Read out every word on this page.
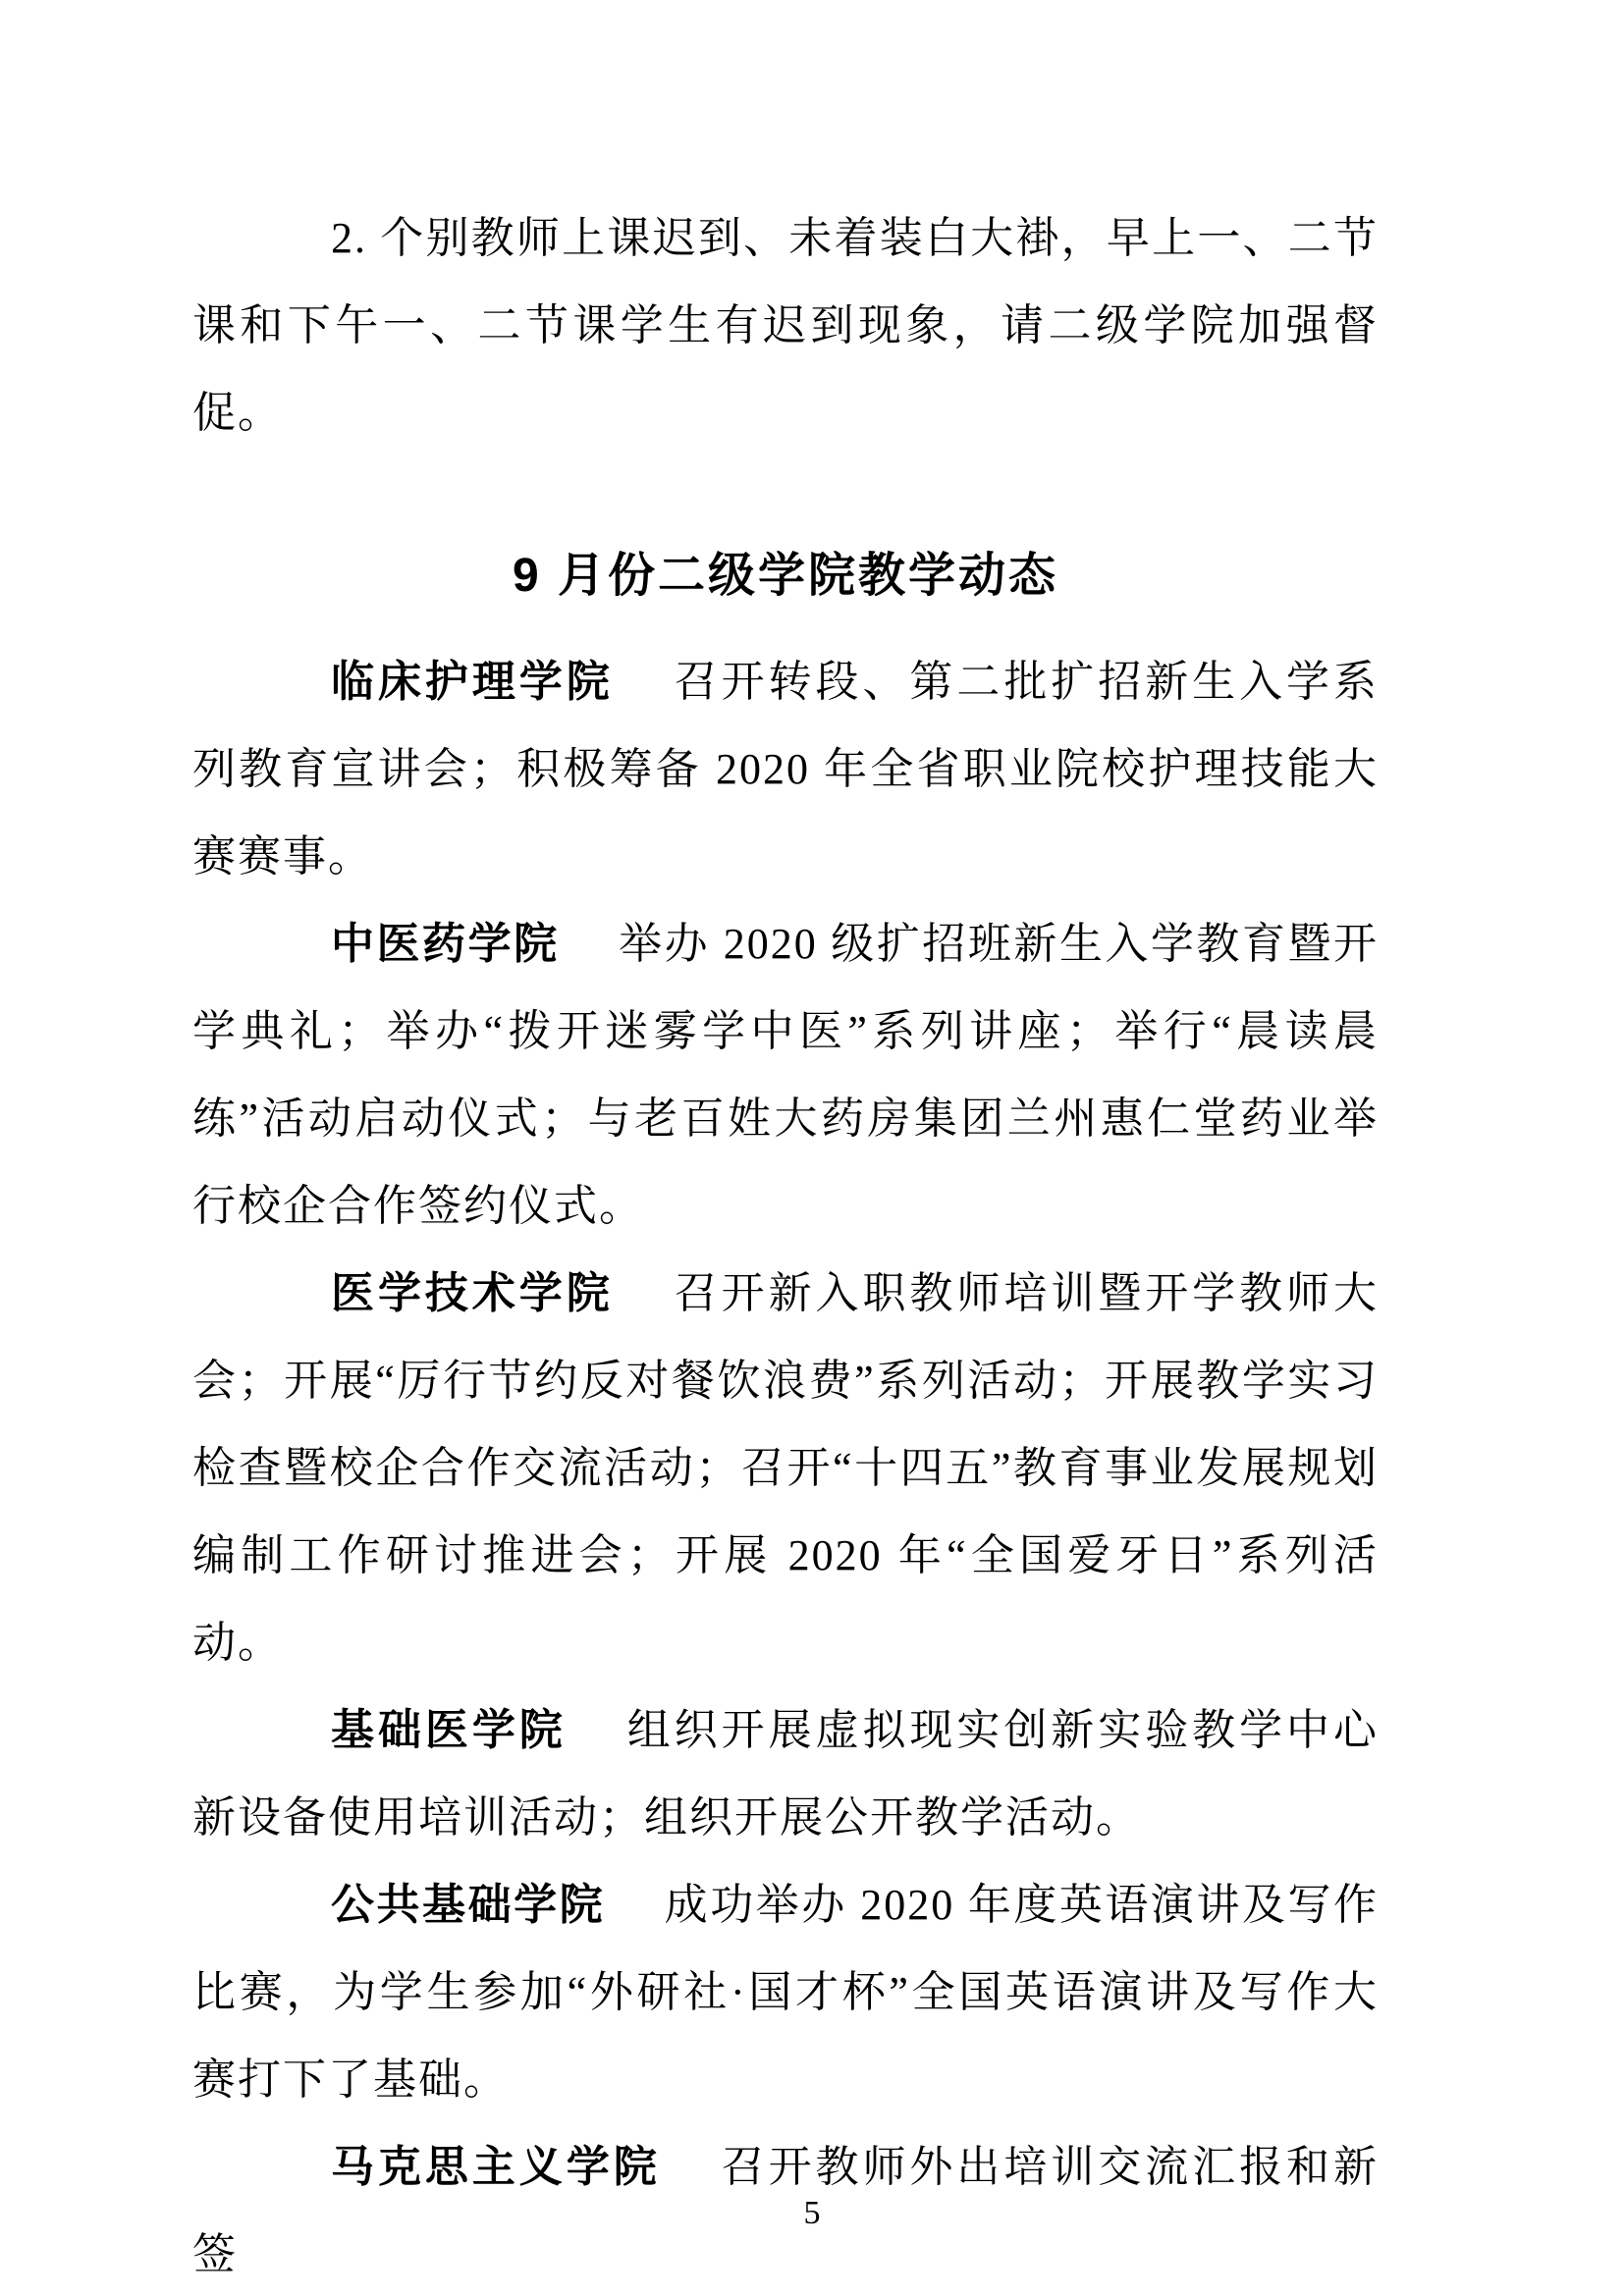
2. 个别教师上课迟到、未着装白大褂，早上一、二节课和下午一、二节课学生有迟到现象，请二级学院加强督促。

9 月份二级学院教学动态

临床护理学院 召开转段、第二批扩招新生入学系列教育宣讲会；积极筹备 2020 年全省职业院校护理技能大赛赛事。

中医药学院 举办 2020 级扩招班新生入学教育暨开学典礼；举办“拨开迷雾学中医”系列讲座；举行“晨读晨练”活动启动仪式；与老百姓大药房集团兰州惠仁堂药业举行校企合作签约仪式。

医学技术学院 召开新入职教师培训暨开学教师大会；开展“厉行节约反对餐饮浪费”系列活动；开展教学实习检查暨校企合作交流活动；召开“十四五”教育事业发展规划编制工作研讨推进会；开展 2020 年“全国爱牙日”系列活动。

基础医学院 组织开展虚拟现实创新实验教学中心新设备使用培训活动；组织开展公开教学活动。

公共基础学院 成功举办 2020 年度英语演讲及写作比赛，为学生参加“外研社·国才杯”全国英语演讲及写作大赛打下了基础。

马克思主义学院 召开教师外出培训交流汇报和新签

5
